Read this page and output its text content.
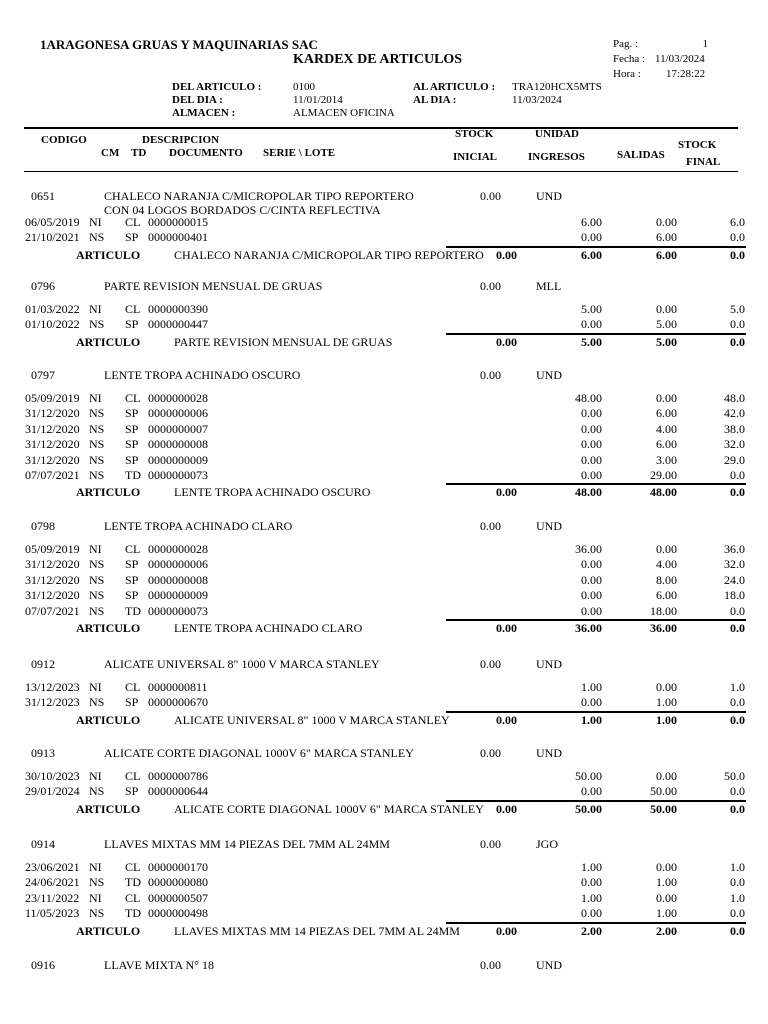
1ARAGONESA GRUAS Y MAQUINARIAS SAC
KARDEX DE ARTICULOS
Pag. :	1
Fecha : 11/03/2024
Hora : 17:28:22
DEL ARTICULO :	0100
DEL DIA :	11/01/2014
ALMACEN :	ALMACEN OFICINA
AL ARTICULO : TRA120HCX5MTS
AL DIA :	11/03/2024
CODIGO	DESCRIPCION
CM TD DOCUMENTO SERIE \ LOTE
STOCK
INICIAL
UNIDAD
INGRESOS	SALIDAS
STOCK
FINAL
0651	CHALECO NARANJA C/MICROPOLAR TIPO REPORTERO	0.00	UND
CON 04 LOGOS BORDADOS C/CINTA REFLECTIVA
06/05/2019 NI CL 0000000015	6.00	0.00	6.0
21/10/2021 NS SP 0000000401	0.00	6.00	0.0
ARTICULO	CHALECO NARANJA C/MICROPOLAR TIPO REPORTERO	0.00	6.00	6.00	0.0
0796	PARTE REVISION MENSUAL DE GRUAS	0.00	MLL
01/03/2022 NI CL 0000000390	5.00	0.00	5.0
01/10/2022 NS SP 0000000447	0.00	5.00	0.0
ARTICULO	PARTE REVISION MENSUAL DE GRUAS	0.00	5.00	5.00	0.0
0797	LENTE TROPA ACHINADO OSCURO	0.00	UND
05/09/2019 NI CL 0000000028	48.00	0.00	48.0
31/12/2020 NS SP 0000000006	0.00	6.00	42.0
31/12/2020 NS SP 0000000007	0.00	4.00	38.0
31/12/2020 NS SP 0000000008	0.00	6.00	32.0
31/12/2020 NS SP 0000000009	0.00	3.00	29.0
07/07/2021 NS TD 0000000073	0.00	29.00	0.0
ARTICULO	LENTE TROPA ACHINADO OSCURO	0.00	48.00	48.00	0.0
0798	LENTE TROPA ACHINADO CLARO	0.00	UND
05/09/2019 NI CL 0000000028	36.00	0.00	36.0
31/12/2020 NS SP 0000000006	0.00	4.00	32.0
31/12/2020 NS SP 0000000008	0.00	8.00	24.0
31/12/2020 NS SP 0000000009	0.00	6.00	18.0
07/07/2021 NS TD 0000000073	0.00	18.00	0.0
ARTICULO	LENTE TROPA ACHINADO CLARO	0.00	36.00	36.00	0.0
0912	ALICATE UNIVERSAL 8" 1000 V MARCA STANLEY	0.00	UND
13/12/2023 NI CL 0000000811	1.00	0.00	1.0
31/12/2023 NS SP 0000000670	0.00	1.00	0.0
ARTICULO	ALICATE UNIVERSAL 8" 1000 V MARCA STANLEY	0.00	1.00	1.00	0.0
0913	ALICATE CORTE DIAGONAL 1000V 6" MARCA STANLEY	0.00	UND
30/10/2023 NI CL 0000000786	50.00	0.00	50.0
29/01/2024 NS SP 0000000644	0.00	50.00	0.0
ARTICULO	ALICATE CORTE DIAGONAL 1000V 6" MARCA STANLEY	0.00	50.00	50.00	0.0
0914	LLAVES MIXTAS MM 14 PIEZAS DEL 7MM AL 24MM	0.00	JGO
23/06/2021 NI CL 0000000170	1.00	0.00	1.0
24/06/2021 NS TD 0000000080	0.00	1.00	0.0
23/11/2022 NI CL 0000000507	1.00	0.00	1.0
11/05/2023 NS TD 0000000498	0.00	1.00	0.0
ARTICULO	LLAVES MIXTAS MM 14 PIEZAS DEL 7MM AL 24MM	0.00	2.00	2.00	0.0
0916	LLAVE MIXTA N° 18	0.00	UND
